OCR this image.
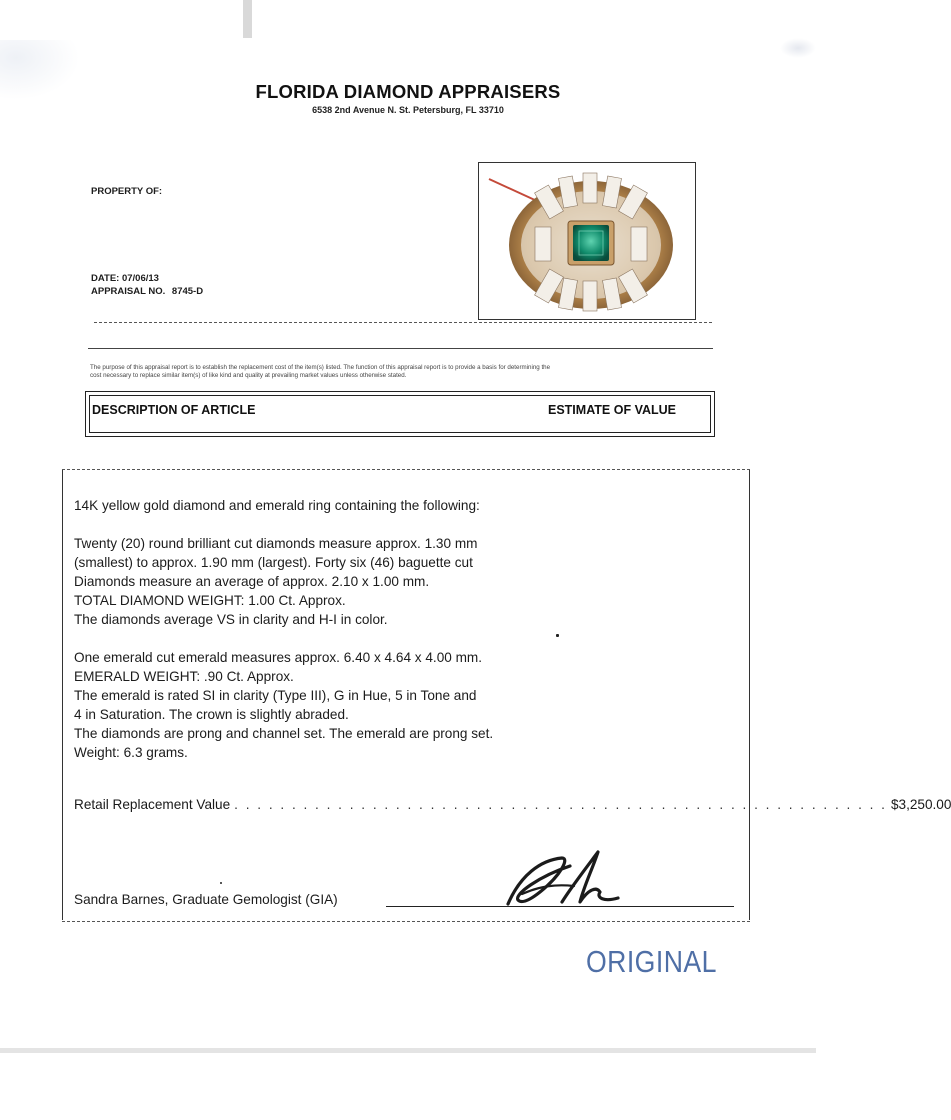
FLORIDA DIAMOND APPRAISERS
6538 2nd Avenue N. St. Petersburg, FL 33710
PROPERTY OF:
DATE: 07/06/13
APPRAISAL NO. 8745-D
The purpose of this appraisal report is to establish the replacement cost of the item(s) listed. The function of this appraisal report is to provide a basis for determining the
cost necessary to replace similar item(s) of like kind and quality at prevailing market values unless otherwise stated.
DESCRIPTION OF ARTICLE	ESTIMATE OF VALUE
14K yellow gold diamond and emerald ring containing the following:
Twenty (20) round brilliant cut diamonds measure approx. 1.30 mm
(smallest) to approx. 1.90 mm (largest). Forty six (46) baguette cut
Diamonds measure an average of approx. 2.10 x 1.00 mm.
TOTAL DIAMOND WEIGHT: 1.00 Ct. Approx.
The diamonds average VS in clarity and H-I in color.
One emerald cut emerald measures approx. 6.40 x 4.64 x 4.00 mm.
EMERALD WEIGHT: .90 Ct. Approx.
The emerald is rated SI in clarity (Type III), G in Hue, 5 in Tone and
4 in Saturation. The crown is slightly abraded.
The diamonds are prong and channel set. The emerald are prong set.
Weight: 6.3 grams.
Retail Replacement Value . . . . . . . . . . . . . . . . . . . . . . . . . . . . . . . . . . . . . . . . . . . . . . . . . . . . . . . . . $3,250.00
Sandra Barnes, Graduate Gemologist (GIA)
ORIGINAL
